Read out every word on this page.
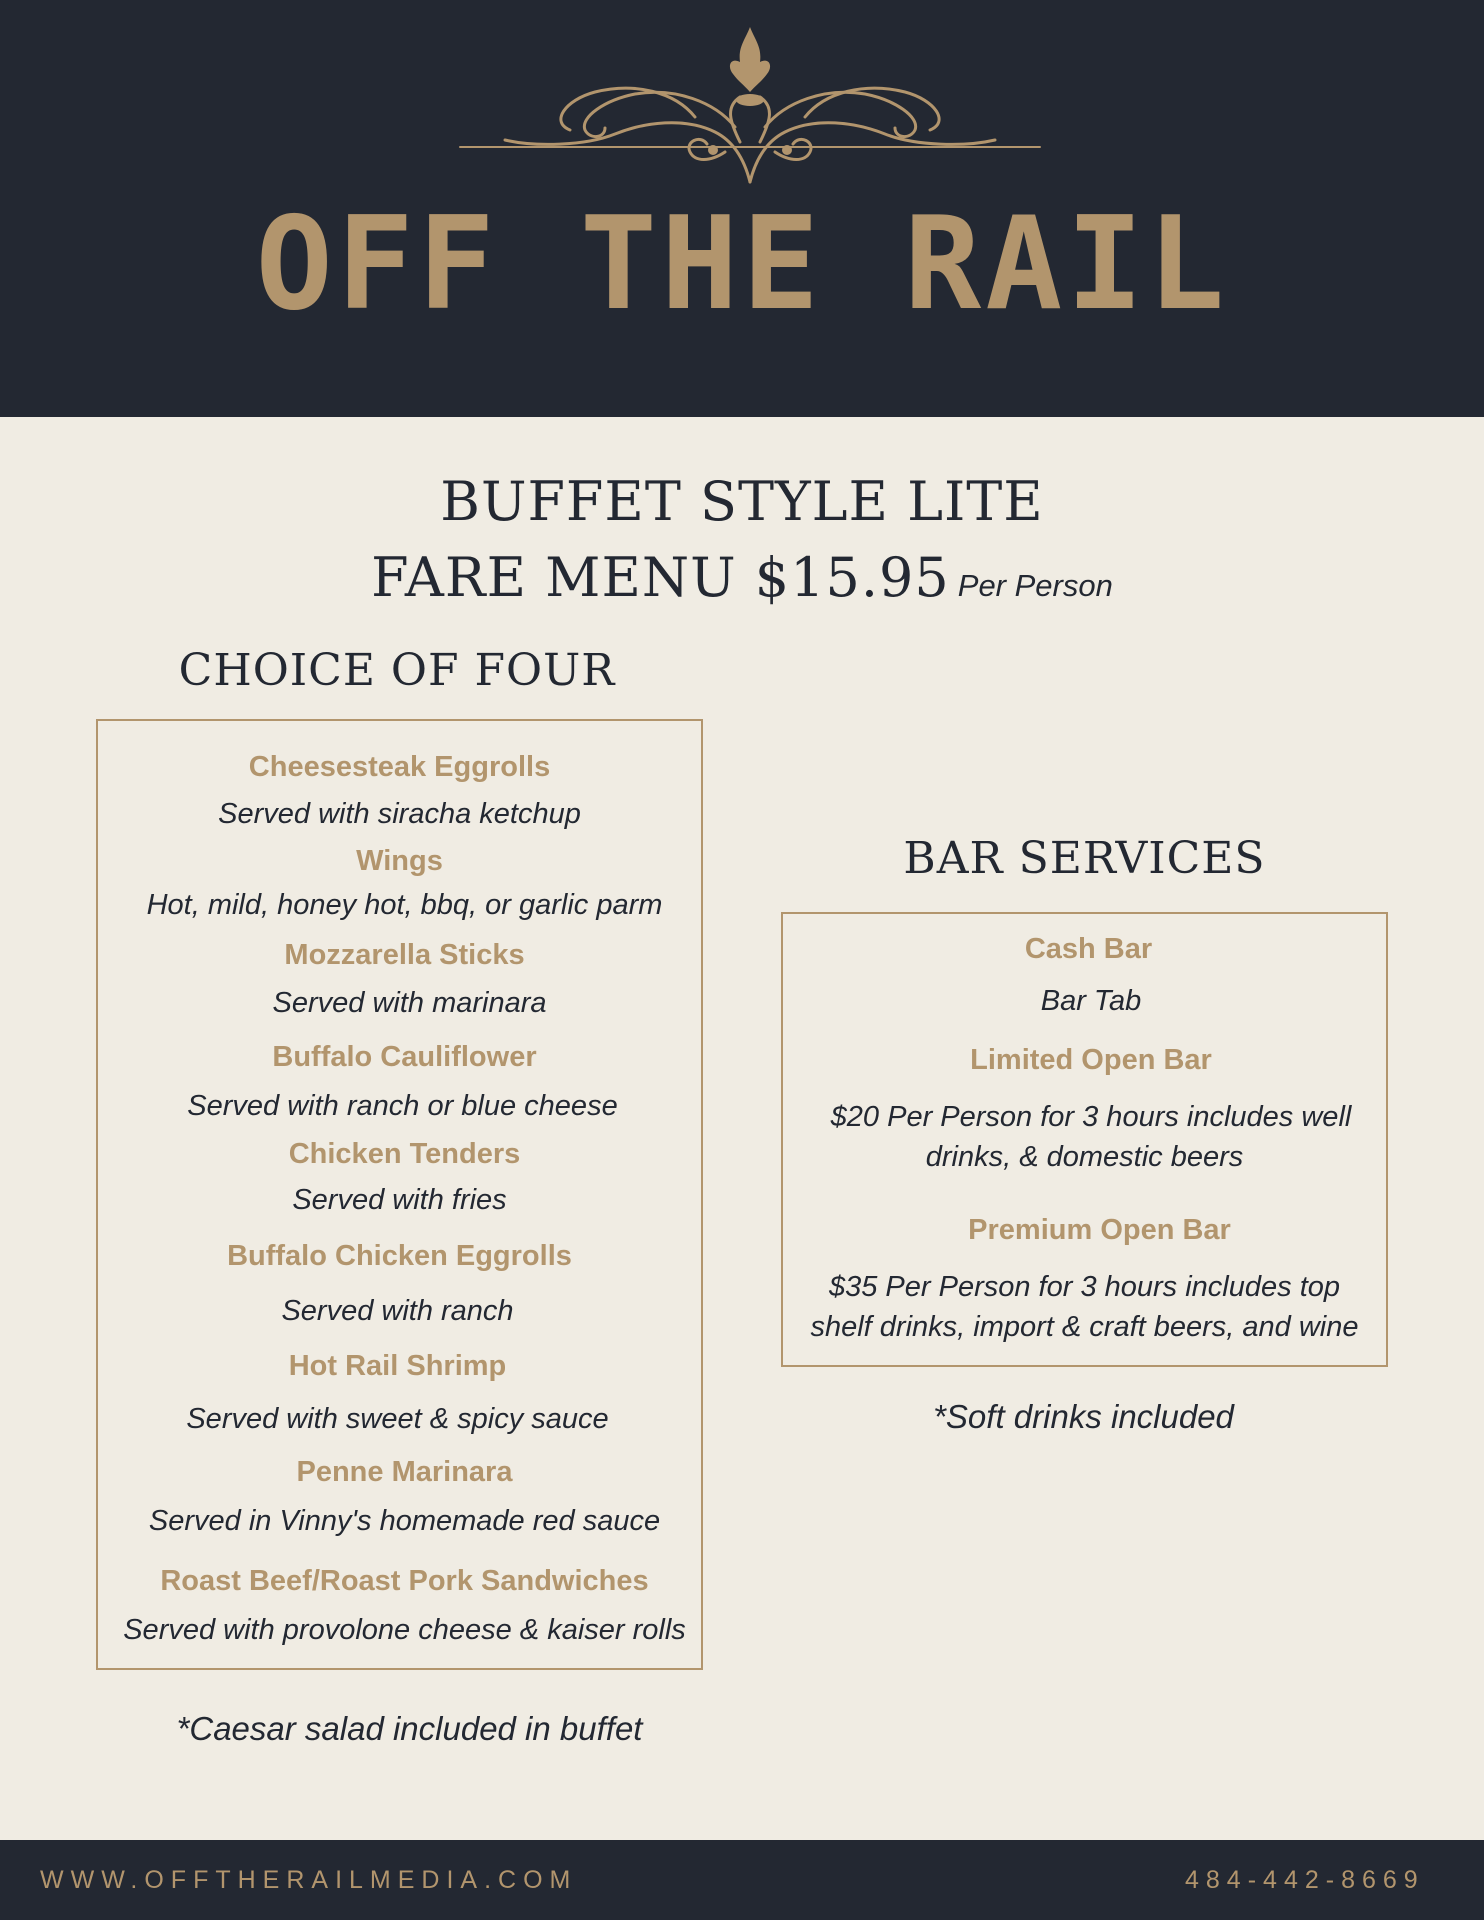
OFF THE RAIL
BUFFET STYLE LITE
FARE MENU $15.95 Per Person
CHOICE OF FOUR
Cheesesteak Eggrolls
Served with siracha ketchup
Wings
Hot, mild, honey hot, bbq, or garlic parm
Mozzarella Sticks
Served with marinara
Buffalo Cauliflower
Served with ranch or blue cheese
Chicken Tenders
Served with fries
Buffalo Chicken Eggrolls
Served with ranch
Hot Rail Shrimp
Served with sweet & spicy sauce
Penne Marinara
Served in Vinny's homemade red sauce
Roast Beef/Roast Pork Sandwiches
Served with provolone cheese & kaiser rolls
*Caesar salad included in buffet
BAR SERVICES
Cash Bar
Bar Tab
Limited Open Bar
$20 Per Person for 3 hours includes well
drinks, & domestic beers
Premium Open Bar
$35 Per Person for 3 hours includes top
shelf drinks, import & craft beers, and wine
*Soft drinks included
WWW.OFFTHERAILMEDIA.COM	484-442-8669
